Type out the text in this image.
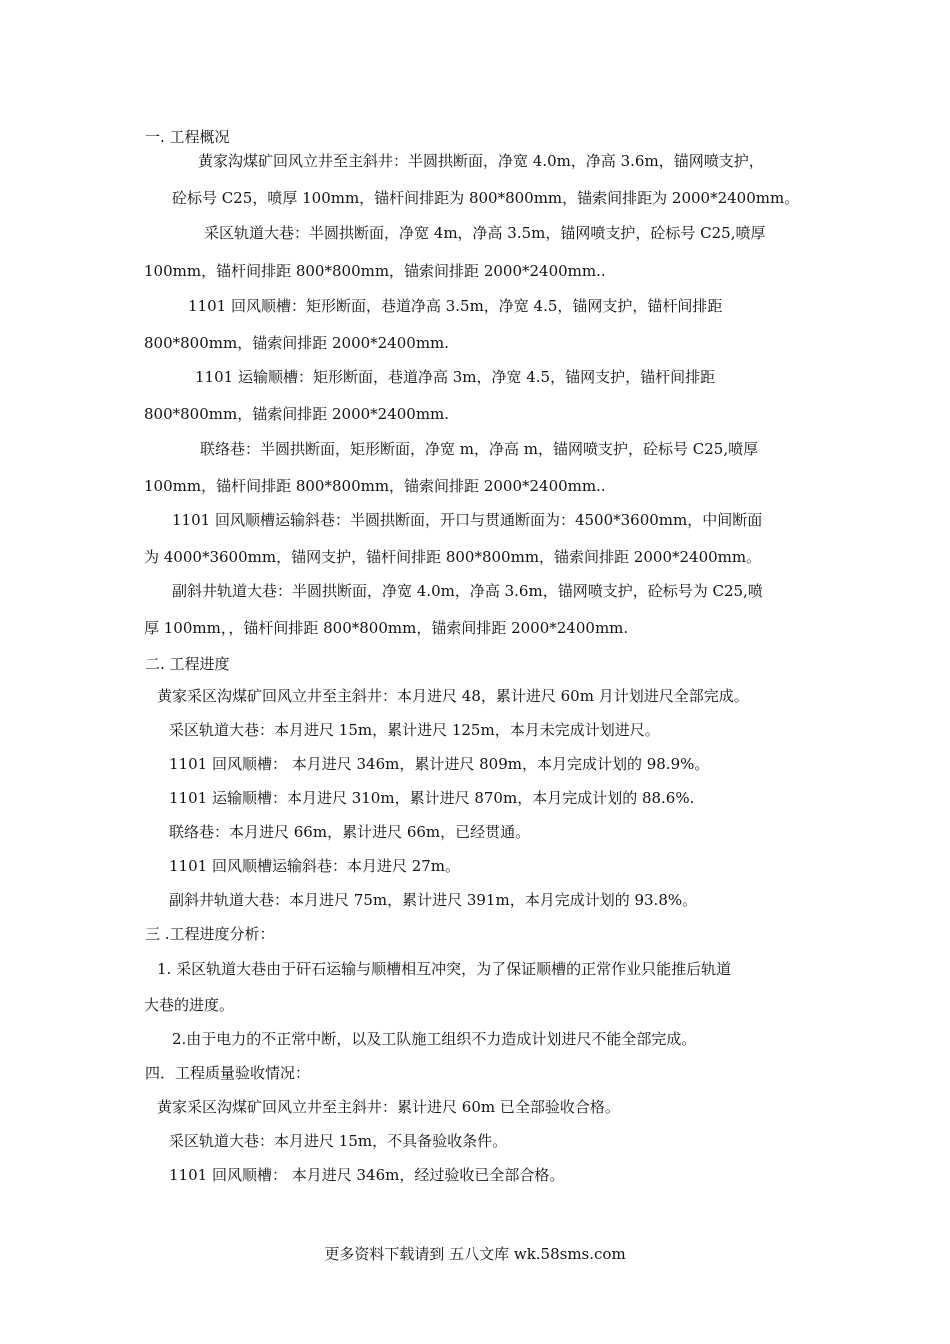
一. 工程概况
黄家沟煤矿回风立井至主斜井：半圆拱断面，净宽 4.0m，净高 3.6m，锚网喷支护，
砼标号 C25，喷厚 100mm，锚杆间排距为 800*800mm，锚索间排距为 2000*2400mm。
采区轨道大巷：半圆拱断面，净宽 4m，净高 3.5m，锚网喷支护，砼标号 C25,喷厚
100mm，锚杆间排距 800*800mm，锚索间排距 2000*2400mm..
1101 回风顺槽：矩形断面，巷道净高 3.5m，净宽 4.5，锚网支护，锚杆间排距
800*800mm，锚索间排距 2000*2400mm.
1101 运输顺槽：矩形断面，巷道净高 3m，净宽 4.5，锚网支护，锚杆间排距
800*800mm，锚索间排距 2000*2400mm.
联络巷：半圆拱断面，矩形断面，净宽 m，净高 m，锚网喷支护，砼标号 C25,喷厚
100mm，锚杆间排距 800*800mm，锚索间排距 2000*2400mm..
1101 回风顺槽运输斜巷：半圆拱断面，开口与贯通断面为：4500*3600mm，中间断面
为 4000*3600mm，锚网支护，锚杆间排距 800*800mm，锚索间排距 2000*2400mm。
副斜井轨道大巷：半圆拱断面，净宽 4.0m，净高 3.6m，锚网喷支护，砼标号为 C25,喷
厚 100mm，，锚杆间排距 800*800mm，锚索间排距 2000*2400mm.
二. 工程进度
黄家采区沟煤矿回风立井至主斜井：本月进尺 48，累计进尺 60m 月计划进尺全部完成。
采区轨道大巷：本月进尺 15m，累计进尺 125m，本月未完成计划进尺。
1101 回风顺槽： 本月进尺 346m，累计进尺 809m，本月完成计划的 98.9%。
1101 运输顺槽：本月进尺 310m，累计进尺 870m，本月完成计划的 88.6%.
联络巷：本月进尺 66m，累计进尺 66m，已经贯通。
1101 回风顺槽运输斜巷：本月进尺 27m。
副斜井轨道大巷：本月进尺 75m，累计进尺 391m，本月完成计划的 93.8%。
三 .工程进度分析：
1. 采区轨道大巷由于矸石运输与顺槽相互冲突，为了保证顺槽的正常作业只能推后轨道
大巷的进度。
2.由于电力的不正常中断，以及工队施工组织不力造成计划进尺不能全部完成。
四．工程质量验收情况：
黄家采区沟煤矿回风立井至主斜井：累计进尺 60m 已全部验收合格。
采区轨道大巷：本月进尺 15m，不具备验收条件。
1101 回风顺槽： 本月进尺 346m，经过验收已全部合格。
更多资料下载请到 五八文库 wk.58sms.com
